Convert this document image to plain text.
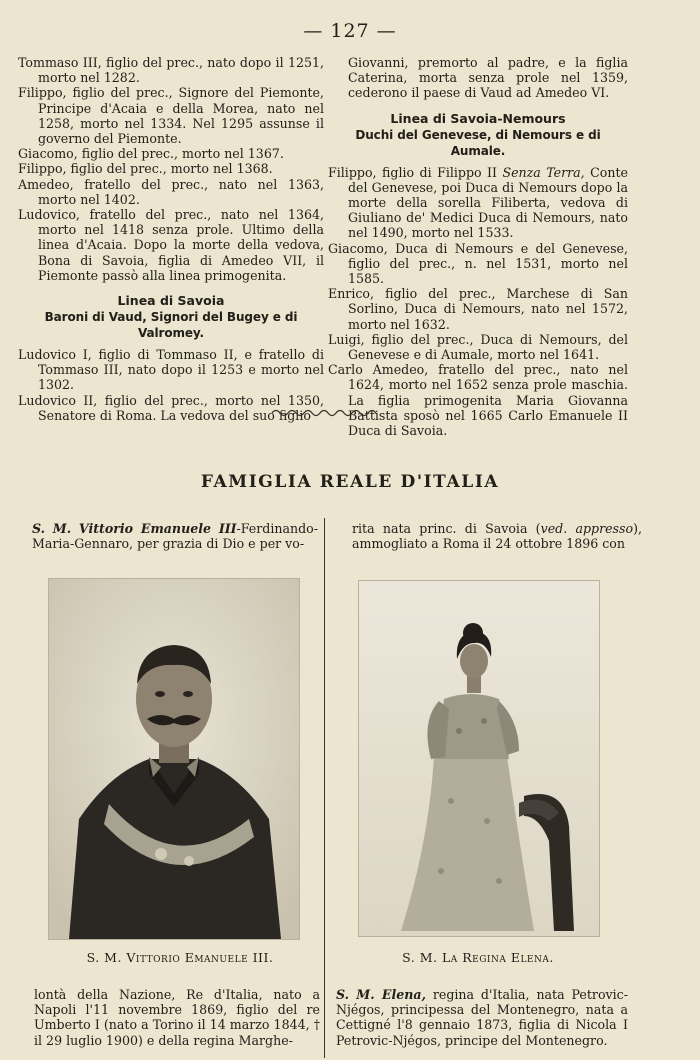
— 127 —

Tommaso III, figlio del prec., nato dopo il 1251, morto nel 1282.

Filippo, figlio del prec., Signore del Piemonte, Principe d'Acaia e della Morea, nato nel 1258, morto nel 1334. Nel 1295 assunse il governo del Piemonte.

Giacomo, figlio del prec., morto nel 1367.

Filippo, figlio del prec., morto nel 1368.

Amedeo, fratello del prec., nato nel 1363, morto nel 1402.

Ludovico, fratello del prec., nato nel 1364, morto nel 1418 senza prole. Ultimo della linea d'Acaia. Dopo la morte della vedova, Bona di Savoia, figlia di Amedeo VII, il Piemonte passò alla linea primogenita.

Linea di Savoia
Baroni di Vaud, Signori del Bugey e di Valromey.

Ludovico I, figlio di Tommaso II, e fratello di Tommaso III, nato dopo il 1253 e morto nel 1302.

Ludovico II, figlio del prec., morto nel 1350, Senatore di Roma. La vedova del suo figlio

Giovanni, premorto al padre, e la figlia Caterina, morta senza prole nel 1359, cederono il paese di Vaud ad Amedeo VI.

Linea di Savoia-Nemours
Duchi del Genevese, di Nemours e di Aumale.

Filippo, figlio di Filippo II Senza Terra, Conte del Genevese, poi Duca di Nemours dopo la morte della sorella Filiberta, vedova di Giuliano de' Medici Duca di Nemours, nato nel 1490, morto nel 1533.

Giacomo, Duca di Nemours e del Genevese, figlio del prec., n. nel 1531, morto nel 1585.

Enrico, figlio del prec., Marchese di San Sorlino, Duca di Nemours, nato nel 1572, morto nel 1632.

Luigi, figlio del prec., Duca di Nemours, del Genevese e di Aumale, morto nel 1641.

Carlo Amedeo, fratello del prec., nato nel 1624, morto nel 1652 senza prole maschia. La figlia primogenita Maria Giovanna Battista sposò nel 1665 Carlo Emanuele II Duca di Savoia.

FAMIGLIA REALE D'ITALIA

S. M. Vittorio Emanuele III-Ferdinando-Maria-Gennaro, per grazia di Dio e per vo-

rita nata princ. di Savoia (ved. appresso), ammogliato a Roma il 24 ottobre 1896 con

S. M. Vittorio Emanuele III.	S. M. La Regina Elena.

lontà della Nazione, Re d'Italia, nato a Napoli l'11 novembre 1869, figlio del re Umberto I (nato a Torino il 14 marzo 1844, † il 29 luglio 1900) e della regina Marghe-

S. M. Elena, regina d'Italia, nata Petrovic-Njégos, principessa del Montenegro, nata a Cettigné l'8 gennaio 1873, figlia di Nicola I Petrovic-Njégos, principe del Montenegro.
